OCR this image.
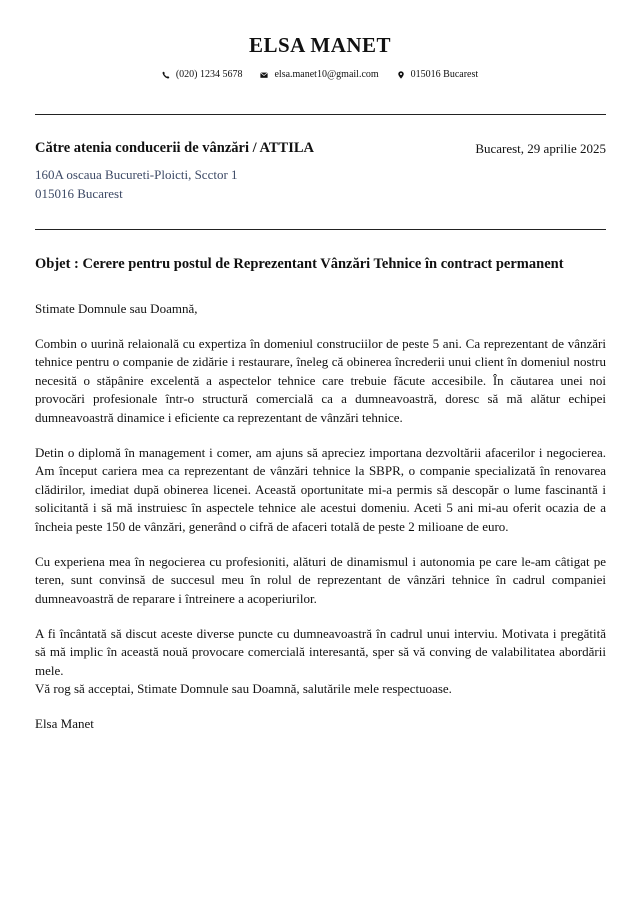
ELSA MANET
(020) 1234 5678	elsa.manet10@gmail.com	015016 Bucarest
Către atenia conducerii de vânzări / ATTILA	Bucarest, 29 aprilie 2025
160A oscaua Bucureti-Ploicti, Scctor 1
015016 Bucarest
Objet : Cerere pentru postul de Reprezentant Vânzări Tehnice în contract permanent
Stimate Domnule sau Doamnă,
Combin o uurină relaională cu expertiza în domeniul construciilor de peste 5 ani. Ca reprezentant de vânzări tehnice pentru o companie de zidărie i restaurare, îneleg că obinerea încrederii unui client în domeniul nostru necesită o stăpânire excelentă a aspectelor tehnice care trebuie făcute accesibile. În căutarea unei noi provocări profesionale într-o structură comercială ca a dumneavoastră, doresc să mă alătur echipei dumneavoastră dinamice i eficiente ca reprezentant de vânzări tehnice.
Detin o diplomă în management i comer, am ajuns să apreciez importana dezvoltării afacerilor i negocierea. Am început cariera mea ca reprezentant de vânzări tehnice la SBPR, o companie specializată în renovarea clădirilor, imediat după obinerea licenei. Această oportunitate mi-a permis să descopăr o lume fascinantă i solicitantă i să mă instruiesc în aspectele tehnice ale acestui domeniu. Aceti 5 ani mi-au oferit ocazia de a încheia peste 150 de vânzări, generând o cifră de afaceri totală de peste 2 milioane de euro.
Cu experiena mea în negocierea cu profesioniti, alături de dinamismul i autonomia pe care le-am câtigat pe teren, sunt convinsă de succesul meu în rolul de reprezentant de vânzări tehnice în cadrul companiei dumneavoastră de reparare i întreinere a acoperiurilor.
A fi încântată să discut aceste diverse puncte cu dumneavoastră în cadrul unui interviu. Motivata i pregătită să mă implic în această nouă provocare comercială interesantă, sper să vă conving de valabilitatea abordării mele.
Vă rog să acceptai, Stimate Domnule sau Doamnă, salutările mele respectuoase.
Elsa Manet
